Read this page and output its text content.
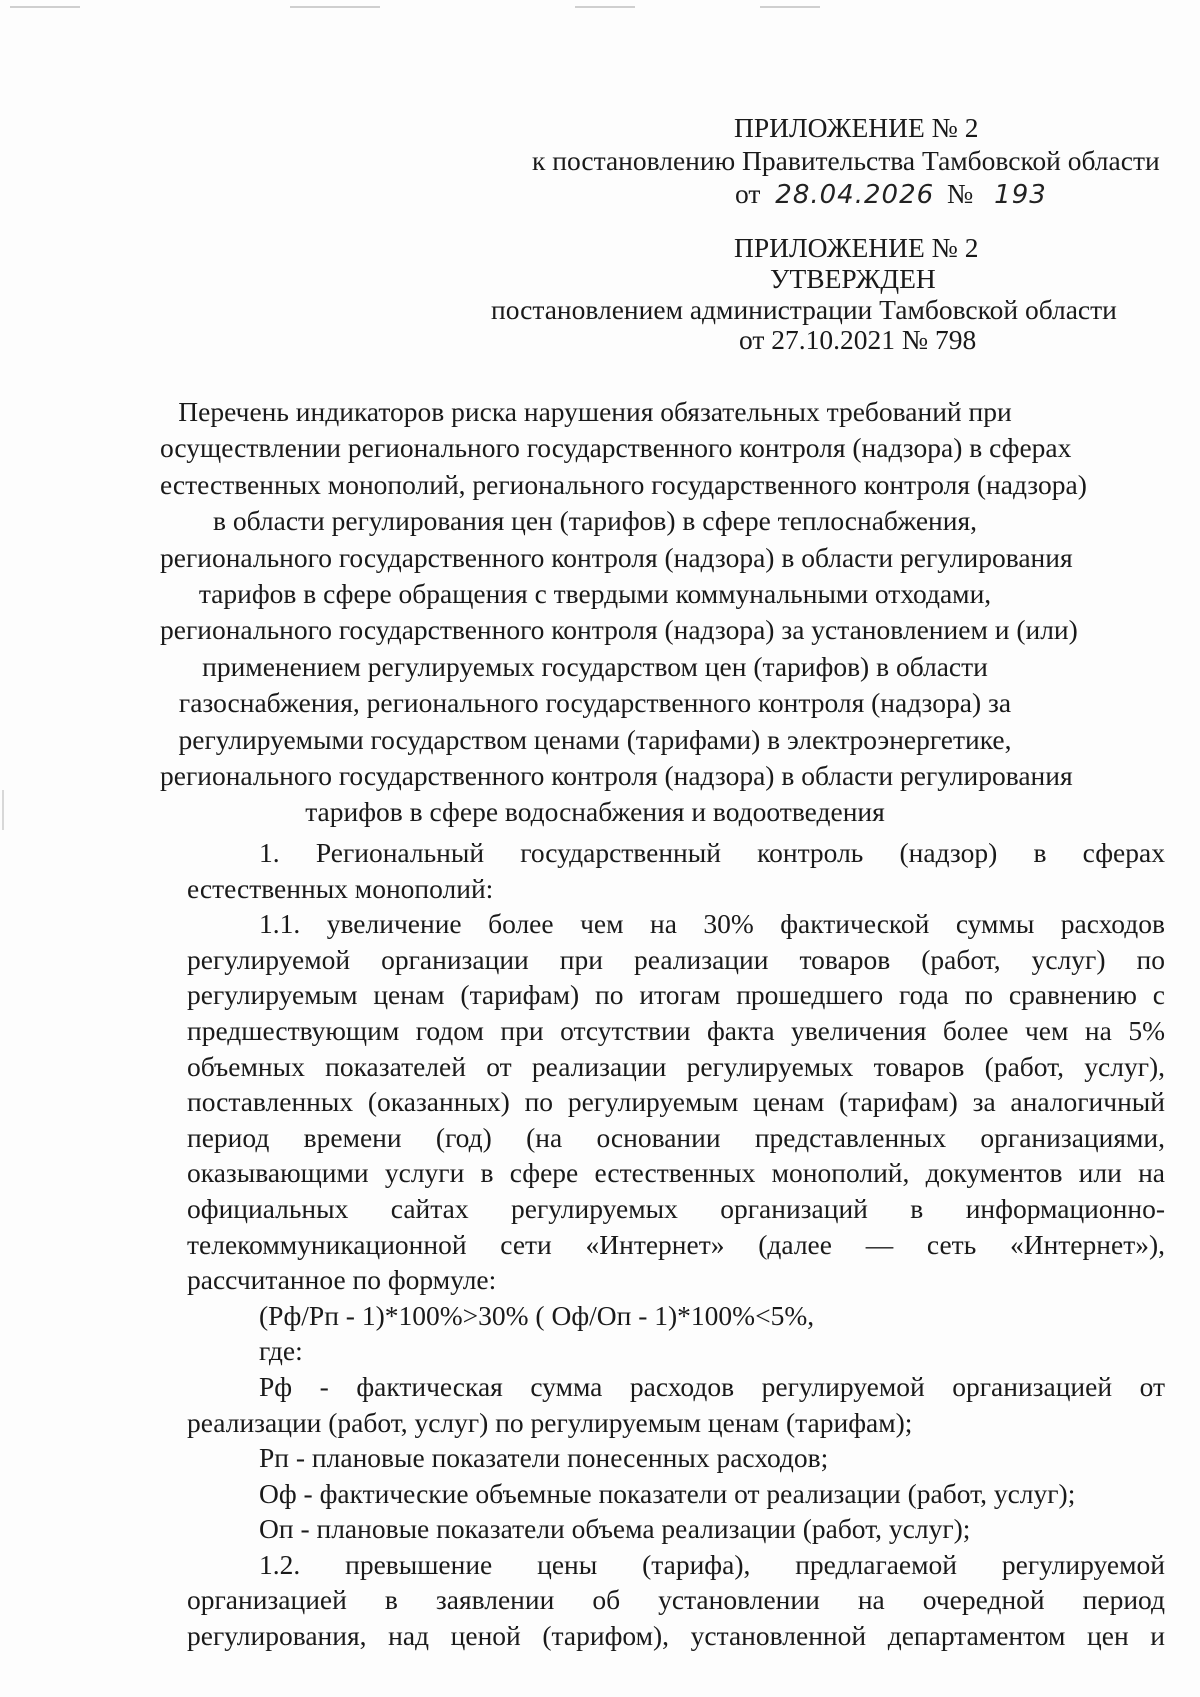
ПРИЛОЖЕНИЕ № 2
к постановлению Правительства Тамбовской области
от 28.04.2026 № 193
ПРИЛОЖЕНИЕ № 2
УТВЕРЖДЕН
постановлением администрации Тамбовской области
от 27.10.2021 № 798
Перечень индикаторов риска нарушения обязательных требований при
осуществлении регионального государственного контроля (надзора) в сферах
естественных монополий, регионального государственного контроля (надзора)
в области регулирования цен (тарифов) в сфере теплоснабжения,
регионального государственного контроля (надзора) в области регулирования
тарифов в сфере обращения с твердыми коммунальными отходами,
регионального государственного контроля (надзора) за установлением и (или)
применением регулируемых государством цен (тарифов) в области
газоснабжения, регионального государственного контроля (надзора) за
регулируемыми государством ценами (тарифами) в электроэнергетике,
регионального государственного контроля (надзора) в области регулирования
тарифов в сфере водоснабжения и водоотведения
1. Региональный государственный контроль (надзор) в сферах
естественных монополий:
1.1. увеличение более чем на 30% фактической суммы расходов
регулируемой организации при реализации товаров (работ, услуг) по
регулируемым ценам (тарифам) по итогам прошедшего года по сравнению с
предшествующим годом при отсутствии факта увеличения более чем на 5%
объемных показателей от реализации регулируемых товаров (работ, услуг),
поставленных (оказанных) по регулируемым ценам (тарифам) за аналогичный
период времени (год) (на основании представленных организациями,
оказывающими услуги в сфере естественных монополий, документов или на
официальных сайтах регулируемых организаций в информационно-
телекоммуникационной сети «Интернет» (далее — сеть «Интернет»),
рассчитанное по формуле:
(Рф/Рп - 1)*100%>30% ( Оф/Оп - 1)*100%<5%,
где:
Рф - фактическая сумма расходов регулируемой организацией от
реализации (работ, услуг) по регулируемым ценам (тарифам);
Рп - плановые показатели понесенных расходов;
Оф - фактические объемные показатели от реализации (работ, услуг);
Оп - плановые показатели объема реализации (работ, услуг);
1.2. превышение цены (тарифа), предлагаемой регулируемой
организацией в заявлении об установлении на очередной период
регулирования, над ценой (тарифом), установленной департаментом цен и
